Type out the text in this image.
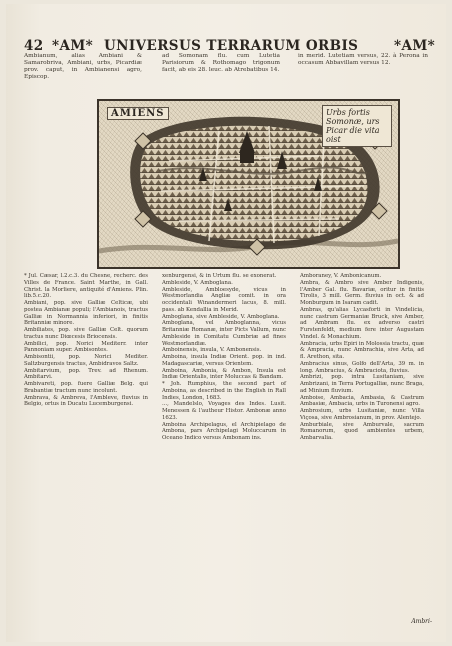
42 *AM* UNIVERSUS TERRARUM ORBIS	*AM*
Ambianum, alias Ambiani & Samarobriva, Ambiani, urbs, Picardiæ prov. caput, in Ambianensi agro, Episcop.
ad Somonam flu. cum Lutetia Parisiorum & Rothomago trigonum facit, ab eis 28. leuc. ab Atrebatibus 14.
in merid. Lutetiam versus, 22. à Perona in occasum Abbavillam versus 12.
AMIENS	Urbs fortis Somonæ, urs Picar die vita oist

* Jul. Cæsar, l.2.c.3. du Chesne, recherc. des Villes de France. Saint Marthe, in Gall. Christ. la Morliere, antiquité d'Amiens. Plin. lib.5.c.20.

Ambiani, pop. sive Galliæ Celticæ, ubi postea Ambianæ populi; l'Ambianois, tractus Galliæ in Normannia inferiori, in finitis Britanniæ minore.

Ambiliates, pop. sive Galliæ Celt. quorum tractus nunc Diœcesis Briocensis.

Ambilici, pop. Norici Mediterr. inter Pannoniam super. Ambisontes.

Ambisontii, pop. Norici Mediter. Saltzburgensis tractus, Ambidravos Saltz.

Ambitarvium, pop. Trev. ad Rhenum. Ambitarvi.

Ambivareti, pop. fuere Galliæ Belg. qui Brabantiæ tractum nunc incolunt.

Ambrava, & Ambreva, l'Ambleve, fluvius in Belgio, ortus in Ducatu Lucemburgensi.

xenburgensi, & in Urtum flu. se exonerat.

Ambleside, V. Amboglana.

Ambleside, Ambloesyde, vicus in Westmorlandia Angliæ comit. in ora occidentali Winandermeri lacus, 8. mill. pass. ab Kendallia in Merid.

Amboglana, sive Ambleside, V. Amboglana.

Amboglana, vel Amboglanna, vicus Britanniæ Romanæ, inter Picts Vallum, nunc Ambleside in Comitatu Cumbriæ ad fines Westmorlandiæ.

Amboinensis, insula, V. Ambonensis.

Amboina, insula Indiæ Orient. pop. in ind. Madagascariæ, versus Orientem.

Amboina, Ambonia, & Ambon, Insula est Indiæ Orientalis, inter Moluccas & Bandam.

* Joh. Rumphius, the second part of Amboina, as described in the English in Rall Indies, London, 1683.

..., Mandelslo, Voyages des Indes. Lusit. Menessen & l'autheur Histor. Ambonæ anno 1623.

Amboina Archipelagus, el Archipielago de Ambona, pars Archipelagi Moluccarum in Oceano Indico versus Ambonam ins.

Amboraney, V. Ambonicanum.

Ambra, & Ambro sive Amber Indigenis, l'Amber Gal. flu. Bavariæ, oritur in finitis Tirolis, 3 mill. Germ. fluvius in oct. & ad Monburgum in Isaram cadit.

Ambras, qu'alias Lycasforti in Vindelicia, nunc castrum Germaniæ Bruck, sive Amber, ad Ambram flu. ex adverso castri Furstenfeldt, medium fere inter Augustam Vindel. & Monachium.

Ambracia, urbs Epiri in Molossia tractu, quæ & Ampracia, nunc Ambrachia, sive Arta, ad fl. Arethon, sita.

Ambracius sinus, Golfo dell'Arta, 39 m. in long. Ambracius, & Ambraciota, fluvius.

Ambrizi, pop. intra Lusitaniam, sive Ambrizani, in Terra Portugalliæ, nunc Braga, ad Minium fluvium.

Amboise, Ambacia, Ambasia, & Castrum Ambasiæ, Ambacia, urbs in Turonensi agro.

Ambrosium, urbs Lusitaniæ, nunc Villa Viçosa, sive Ambrosianum, in prov. Alentejo.

Amburbiale, sive Amburvale, sacrum Romanorum, quod ambientes urbem, Ambarvalia.

Ambri-
